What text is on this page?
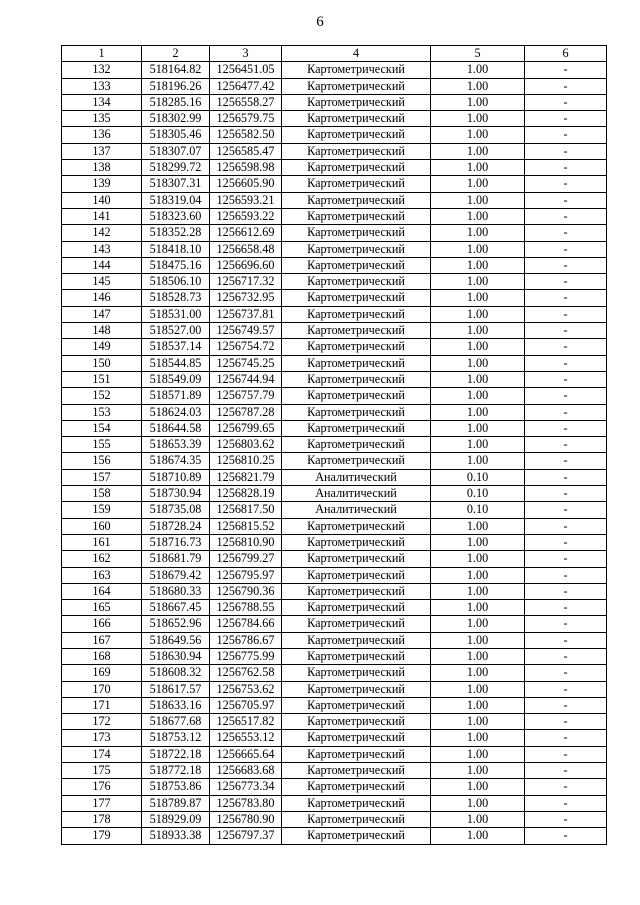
6
1	2	3	4	5	6
132	518164.82	1256451.05	Картометрический	1.00	-
133	518196.26	1256477.42	Картометрический	1.00	-
134	518285.16	1256558.27	Картометрический	1.00	-
135	518302.99	1256579.75	Картометрический	1.00	-
136	518305.46	1256582.50	Картометрический	1.00	-
137	518307.07	1256585.47	Картометрический	1.00	-
138	518299.72	1256598.98	Картометрический	1.00	-
139	518307.31	1256605.90	Картометрический	1.00	-
140	518319.04	1256593.21	Картометрический	1.00	-
141	518323.60	1256593.22	Картометрический	1.00	-
142	518352.28	1256612.69	Картометрический	1.00	-
143	518418.10	1256658.48	Картометрический	1.00	-
144	518475.16	1256696.60	Картометрический	1.00	-
145	518506.10	1256717.32	Картометрический	1.00	-
146	518528.73	1256732.95	Картометрический	1.00	-
147	518531.00	1256737.81	Картометрический	1.00	-
148	518527.00	1256749.57	Картометрический	1.00	-
149	518537.14	1256754.72	Картометрический	1.00	-
150	518544.85	1256745.25	Картометрический	1.00	-
151	518549.09	1256744.94	Картометрический	1.00	-
152	518571.89	1256757.79	Картометрический	1.00	-
153	518624.03	1256787.28	Картометрический	1.00	-
154	518644.58	1256799.65	Картометрический	1.00	-
155	518653.39	1256803.62	Картометрический	1.00	-
156	518674.35	1256810.25	Картометрический	1.00	-
157	518710.89	1256821.79	Аналитический	0.10	-
158	518730.94	1256828.19	Аналитический	0.10	-
159	518735.08	1256817.50	Аналитический	0.10	-
160	518728.24	1256815.52	Картометрический	1.00	-
161	518716.73	1256810.90	Картометрический	1.00	-
162	518681.79	1256799.27	Картометрический	1.00	-
163	518679.42	1256795.97	Картометрический	1.00	-
164	518680.33	1256790.36	Картометрический	1.00	-
165	518667.45	1256788.55	Картометрический	1.00	-
166	518652.96	1256784.66	Картометрический	1.00	-
167	518649.56	1256786.67	Картометрический	1.00	-
168	518630.94	1256775.99	Картометрический	1.00	-
169	518608.32	1256762.58	Картометрический	1.00	-
170	518617.57	1256753.62	Картометрический	1.00	-
171	518633.16	1256705.97	Картометрический	1.00	-
172	518677.68	1256517.82	Картометрический	1.00	-
173	518753.12	1256553.12	Картометрический	1.00	-
174	518722.18	1256665.64	Картометрический	1.00	-
175	518772.18	1256683.68	Картометрический	1.00	-
176	518753.86	1256773.34	Картометрический	1.00	-
177	518789.87	1256783.80	Картометрический	1.00	-
178	518929.09	1256780.90	Картометрический	1.00	-
179	518933.38	1256797.37	Картометрический	1.00	-
